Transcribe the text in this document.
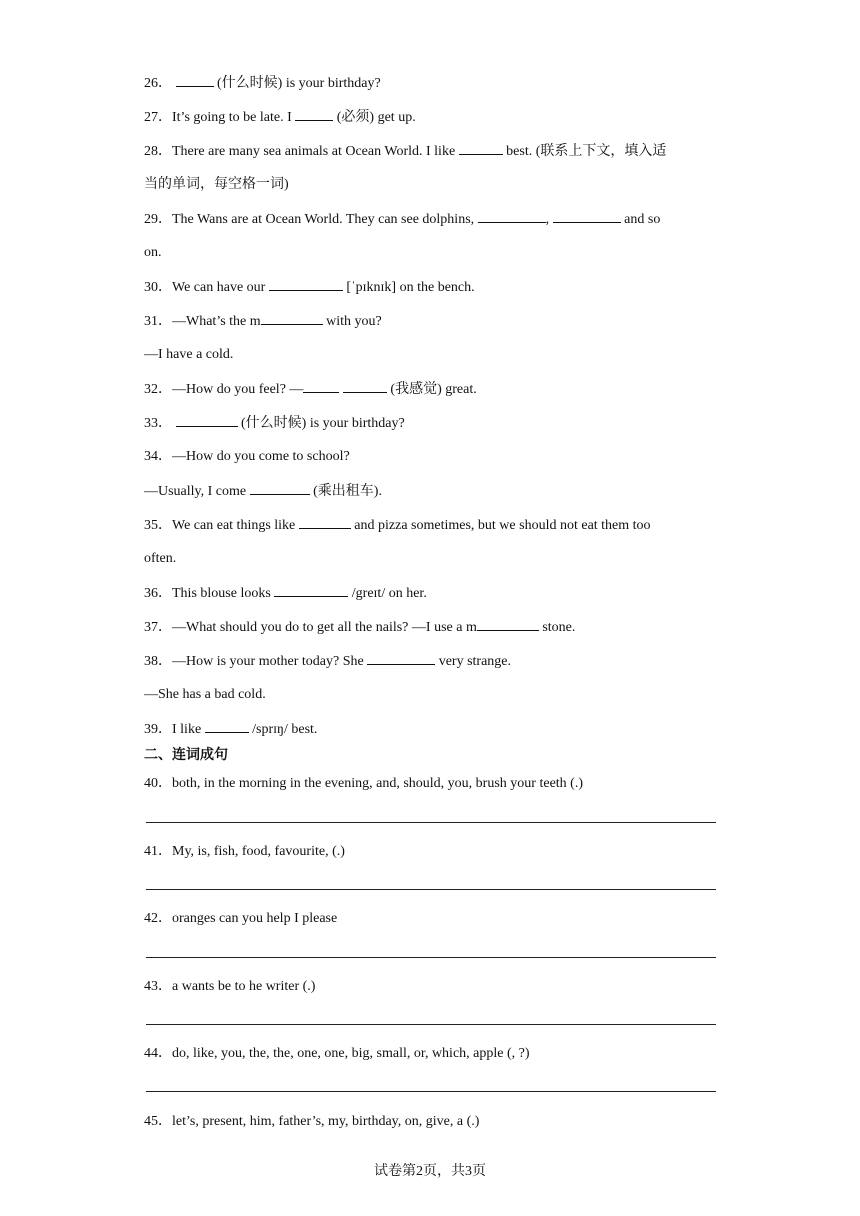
26．	(什么时候) is your birthday?
27．It’s going to be late. I	(必须) get up.
28．There are many sea animals at Ocean World. I like	best. (联系上下文，填入适
当的单词，每空格一词)
29．The Wans are at Ocean World. They can see dolphins,	,	and so
on.
30．We can have our	[ˈpɪknɪk] on the bench.
31．—What’s the m	with you?
—I have a cold.
32．—How do you feel? —	(我感觉) great.
33．	(什么时候) is your birthday?
34．—How do you come to school?
—Usually, I come	(乘出租车).
35．We can eat things like	and pizza sometimes, but we should not eat them too
often.
36．This blouse looks	/greɪt/ on her.
37．—What should you do to get all the nails? —I use a m	stone.
38．—How is your mother today? She	very strange.
—She has a bad cold.
39．I like	/sprɪŋ/ best.
二、连词成句
40．both, in the morning in the evening, and, should, you, brush your teeth (.)
41．My, is, fish, food, favourite, (.)
42．oranges can you help I please
43．a wants be to he writer (.)
44．do, like, you, the, the, one, one, big, small, or, which, apple (, ?)
45．let’s, present, him, father’s, my, birthday, on, give, a (.)
试卷第2页，共3页
